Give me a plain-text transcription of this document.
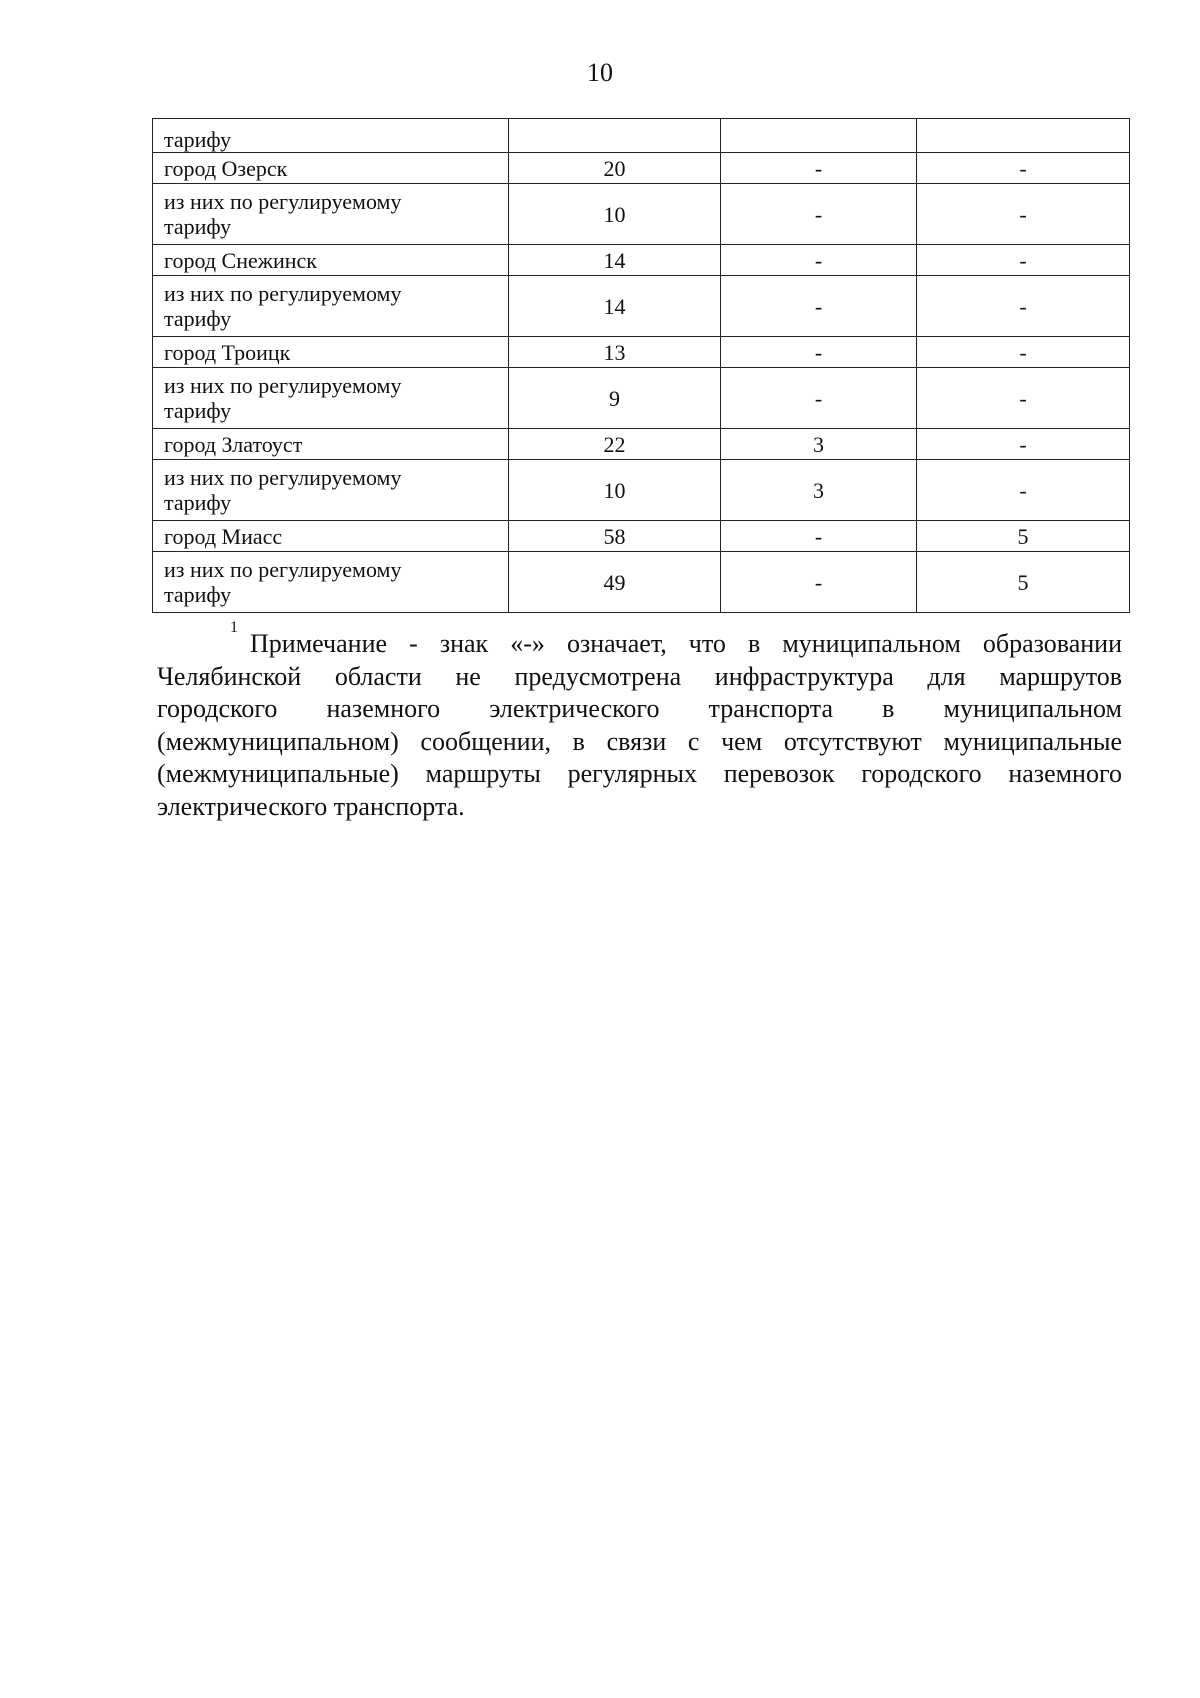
10
тарифу			
город Озерск	20	-	-
из них по регулируемому
тарифу	10	-	-
город Снежинск	14	-	-
из них по регулируемому
тарифу	14	-	-
город Троицк	13	-	-
из них по регулируемому
тарифу	9	-	-
город Златоуст	22	3	-
из них по регулируемому
тарифу	10	3	-
город Миасс	58	-	5
из них по регулируемому
тарифу	49	-	5
1
Примечание - знак «-» означает, что в муниципальном образовании
Челябинской области не предусмотрена инфраструктура для маршрутов
городского наземного электрического транспорта в муниципальном
(межмуниципальном) сообщении, в связи с чем отсутствуют муниципальные
(межмуниципальные) маршруты регулярных перевозок городского наземного
электрического транспорта.
